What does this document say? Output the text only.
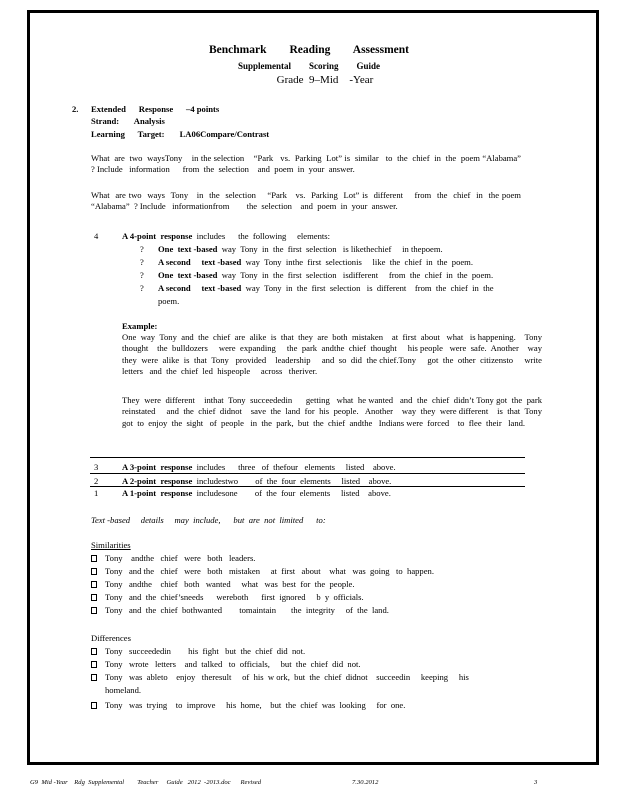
Benchmark        Reading        Assessment
Supplemental        Scoring        Guide
Grade  9–Mid    -Year
2. Extended      Response –4 points
Strand: Analysis
Learning      Target: LA06Compare/Contrast
What  are  two  waysTony    in the selection    “Park   vs.  Parking  Lot” is  similar   to  the  chief  in  the  poem “Alabama”   ? Include   information      from  the  selection    and  poem  in  your  answer.
What  are two  ways  Tony   in  the  selection    “Park   vs.  Parking  Lot” is  different    from  the  chief  in  the poem “Alabama”  ? Include   informationfrom        the  selection    and  poem  in  your  answer.
4	A 4-point  response  includes      the  following     elements:
? One  text -based  way  Tony  in  the  first  selection   is likethechief     in thepoem.
? A second     text -based  way  Tony  inthe  first  selectionis     like  the  chief  in  the  poem.
? One  text -based  way  Tony  in  the  first  selection   isdifferent     from  the  chief  in  the  poem.
? A second     text -based  way  Tony  in  the  first  selection   is  different    from  the  chief  in  the
poem.
Example:
One  way  Tony  and  the  chief  are  alike  is  that  they  are  both  mistaken    at  first  about   what   is happening.    Tony   thought    the  bulldozers     were  expanding     the  park  andthe  chief  thought     his people   were  safe.  Another    way  they  were  alike  is  that  Tony   provided    leadership     and  so  did  the chief.Tony     got  the  other  citizensto     write  letters   and  the  chief  led  hispeople     across   theriver.
They  were  different    inthat  Tony  succeededin      getting   what  he wanted   and  the  chief  didn’t Tony got  the  park  reinstated     and  the  chief  didnot    save  the  land  for  his  people.   Another    way  they  were different    is  that  Tony  got  to  enjoy  the  sight   of  people   in  the  park,  but  the  chief  andthe   Indians were  forced    to  flee  their   land.
3	A 3-point  response  includes      three   of  thefour   elements     listed    above.
2	A 2-point  response  includestwo        of  the  four  elements     listed    above.
1	A 1-point  response  includesone        of  the  four  elements     listed    above.
Text -based     details     may  include,      but  are  not  limited      to:
Similarities
Tony    andthe   chief   were   both   leaders.
Tony   and the   chief   were   both   mistaken     at  first   about    what   was  going   to  happen.
Tony   andthe    chief   both   wanted     what   was  best  for  the  people.
Tony   and  the  chief’sneeds      wereboth      first  ignored     b  y  officials.
Tony   and  the  chief  bothwanted        tomaintain       the  integrity     of  the  land.
Differences
Tony   succeededin        his  fight   but  the  chief  did  not.
Tony   wrote   letters    and  talked   to  officials,     but  the  chief  did  not.
Tony   was  ableto    enjoy   theresult     of  his  w ork,  but  the  chief  didnot    succeedin     keeping     his
homeland.
Tony   was  trying    to  improve     his  home,    but  the  chief  was  looking     for  one.
G9  Mid -Year    Rdg  Supplemental        Teacher     Guide   2012  -2013.doc      Revised	7.30.2012	3
